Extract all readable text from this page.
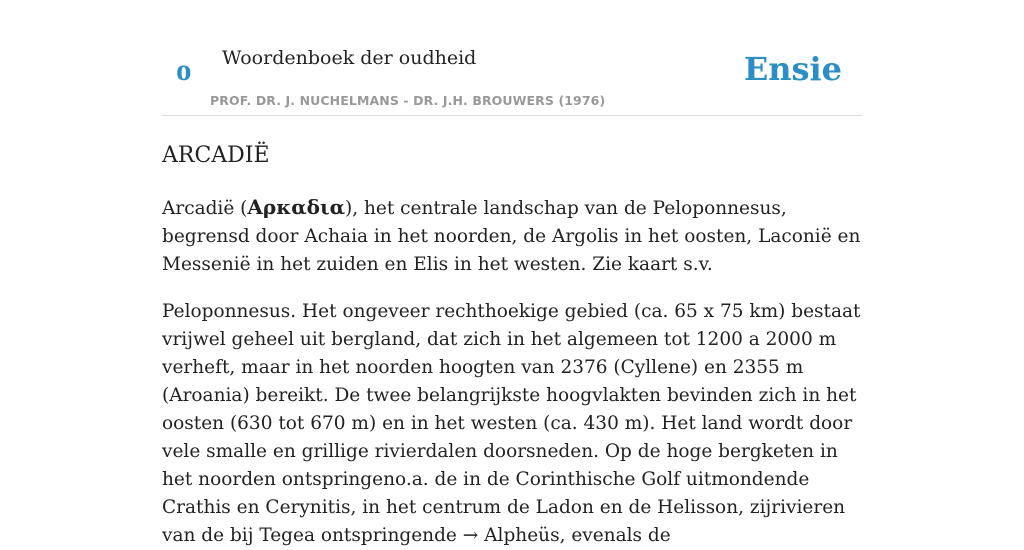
o Woordenboek der oudheid
PROF. DR. J. NUCHELMANS - DR. J.H. BROUWERS (1976)
Ensie
ARCADIË

Arcadië (Αρκαδια), het centrale landschap van de Peloponnesus, begrensd door Achaia in het noorden, de Argolis in het oosten, Laconië en Messenië in het zuiden en Elis in het westen. Zie kaart s.v.

Peloponnesus. Het ongeveer rechthoekige gebied (ca. 65 x 75 km) bestaat vrijwel geheel uit bergland, dat zich in het algemeen tot 1200 a 2000 m verheft, maar in het noorden hoogten van 2376 (Cyllene) en 2355 m (Aroania) bereikt. De twee belangrijkste hoogvlakten bevinden zich in het oosten (630 tot 670 m) en in het westen (ca. 430 m). Het land wordt door vele smalle en grillige rivierdalen doorsneden. Op de hoge bergketen in het noorden ontspringeno.a. de in de Corinthische Golf uitmondende Crathis en Cerynitis, in het centrum de Ladon en de Helisson, zijrivieren van de bij Tegea ontspringende → Alpheüs, evenals de
